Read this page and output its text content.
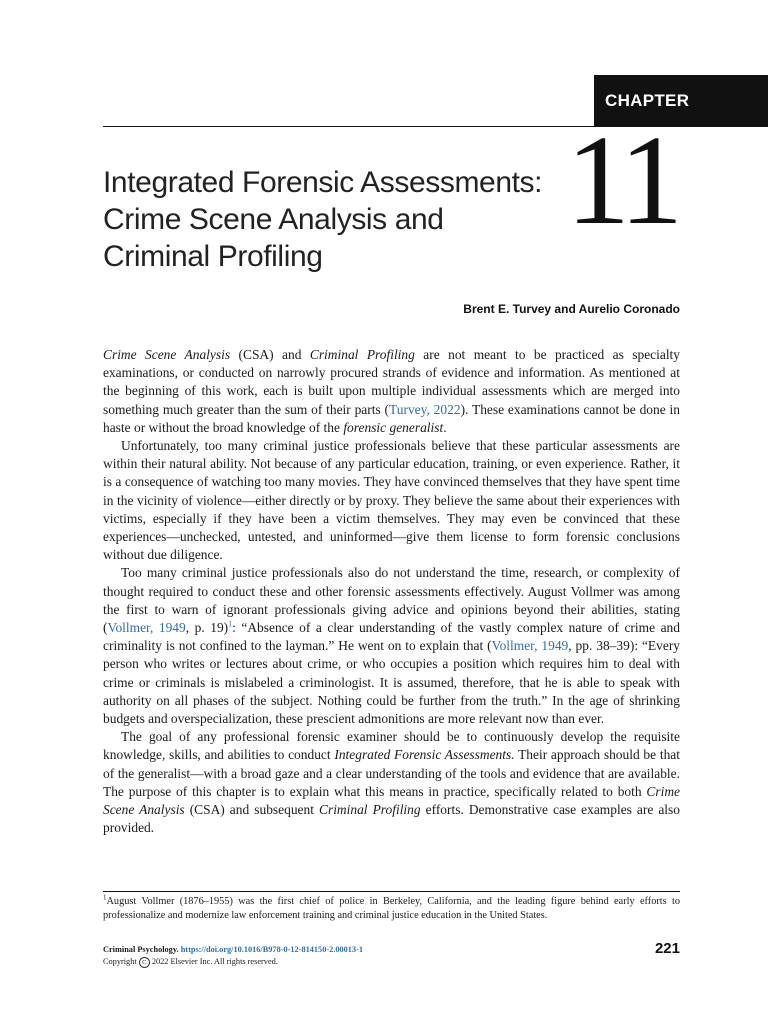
CHAPTER
11
Integrated Forensic Assessments:
Crime Scene Analysis and
Criminal Profiling
Brent E. Turvey and Aurelio Coronado

Crime Scene Analysis (CSA) and Criminal Profiling are not meant to be practiced as specialty examinations, or conducted on narrowly procured strands of evidence and information. As mentioned at the beginning of this work, each is built upon multiple individual assessments which are merged into something much greater than the sum of their parts (Turvey, 2022). These examinations cannot be done in haste or without the broad knowledge of the forensic generalist.

Unfortunately, too many criminal justice professionals believe that these particular assessments are within their natural ability. Not because of any particular education, training, or even experience. Rather, it is a consequence of watching too many movies. They have convinced themselves that they have spent time in the vicinity of violence—either directly or by proxy. They believe the same about their experiences with victims, especially if they have been a victim themselves. They may even be convinced that these experiences—unchecked, untested, and uninformed—give them license to form forensic conclusions without due diligence.

Too many criminal justice professionals also do not understand the time, research, or complexity of thought required to conduct these and other forensic assessments effectively. August Vollmer was among the first to warn of ignorant professionals giving advice and opinions beyond their abilities, stating (Vollmer, 1949, p. 19)$^1$: “Absence of a clear understanding of the vastly complex nature of crime and criminality is not confined to the layman.” He went on to explain that (Vollmer, 1949, pp. 38–39): “Every person who writes or lectures about crime, or who occupies a position which requires him to deal with crime or criminals is mislabeled a criminologist. It is assumed, therefore, that he is able to speak with authority on all phases of the subject. Nothing could be further from the truth.” In the age of shrinking budgets and overspecialization, these prescient admonitions are more relevant now than ever.

The goal of any professional forensic examiner should be to continuously develop the requisite knowledge, skills, and abilities to conduct Integrated Forensic Assessments. Their approach should be that of the generalist—with a broad gaze and a clear understanding of the tools and evidence that are available. The purpose of this chapter is to explain what this means in practice, specifically related to both Crime Scene Analysis (CSA) and subsequent Criminal Profiling efforts. Demonstrative case examples are also provided.

$^1$August Vollmer (1876–1955) was the first chief of police in Berkeley, California, and the leading figure behind early efforts to professionalize and modernize law enforcement training and criminal justice education in the United States.
Criminal Psychology. https://doi.org/10.1016/B978-0-12-814150-2.00013-1
Copyright C 2022 Elsevier Inc. All rights reserved.
221
